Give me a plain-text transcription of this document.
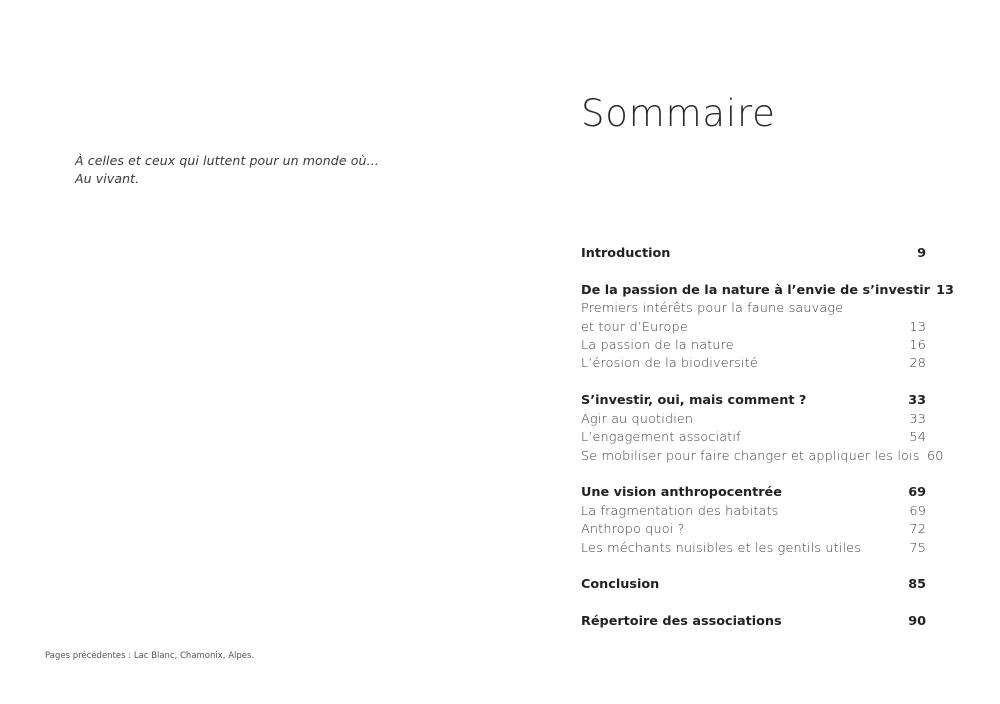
À celles et ceux qui luttent pour un monde où…
Au vivant.
Pages précédentes : Lac Blanc, Chamonix, Alpes.
Sommaire
Introduction	9
De la passion de la nature à l’envie de s’investir 13
Premiers intérêts pour la faune sauvage
et tour d’Europe	13
La passion de la nature	16
L’érosion de la biodiversité	28
S’investir, oui, mais comment ?	33
Agir au quotidien	33
L’engagement associatif	54
Se mobiliser pour faire changer et appliquer les lois 60
Une vision anthropocentrée	69
La fragmentation des habitats	69
Anthropo quoi ?	72
Les méchants nuisibles et les gentils utiles	75
Conclusion	85
Répertoire des associations	90
